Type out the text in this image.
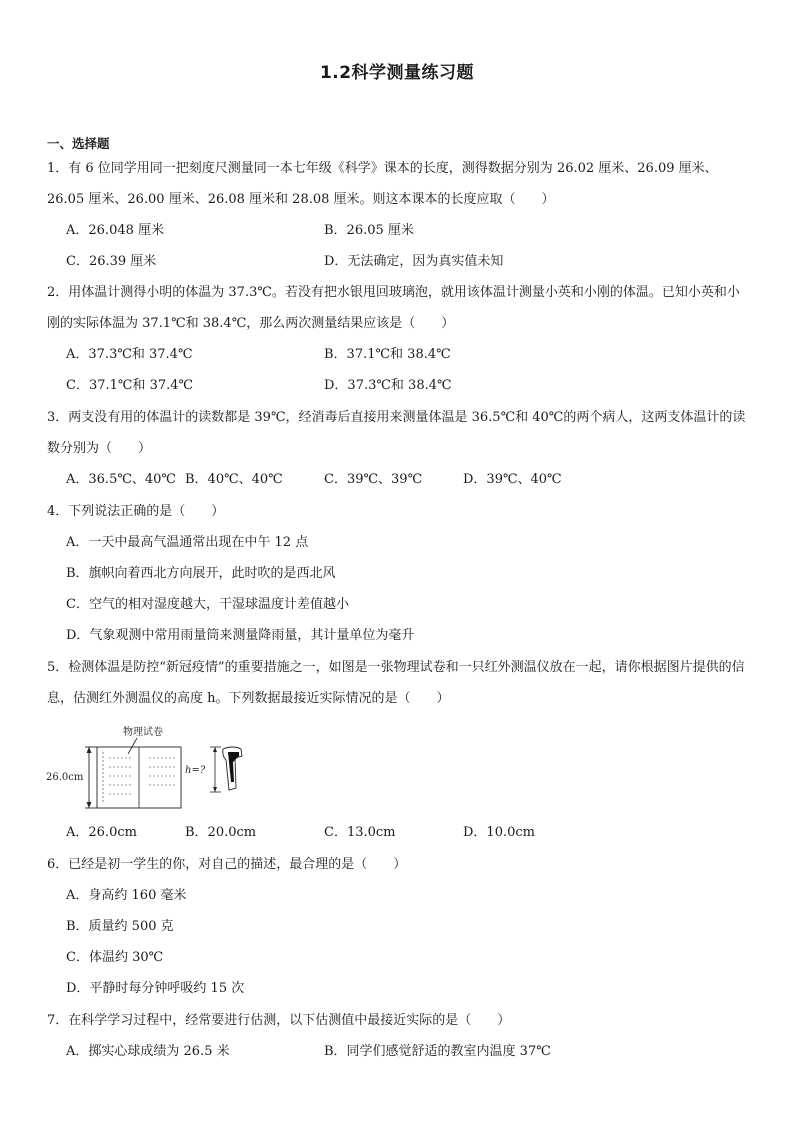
1.2科学测量练习题
一、选择题
1．有 6 位同学用同一把刻度尺测量同一本七年级《科学》课本的长度，测得数据分别为 26.02 厘米、26.09 厘米、26.05 厘米、26.00 厘米、26.08 厘米和 28.08 厘米。则这本课本的长度应取（　　）
A．26.048 厘米	B．26.05 厘米
C．26.39 厘米	D．无法确定，因为真实值未知
2．用体温计测得小明的体温为 37.3℃。若没有把水银甩回玻璃泡，就用该体温计测量小英和小刚的体温。已知小英和小刚的实际体温为 37.1℃和 38.4℃，那么两次测量结果应该是（　　）
A．37.3℃和 37.4℃	B．37.1℃和 38.4℃
C．37.1℃和 37.4℃	D．37.3℃和 38.4℃
3．两支没有用的体温计的读数都是 39℃，经消毒后直接用来测量体温是 36.5℃和 40℃的两个病人，这两支体温计的读数分别为（　　）
A．36.5℃、40℃ B．40℃、40℃	C．39℃、39℃	D．39℃、40℃
4．下列说法正确的是（　　）
A．一天中最高气温通常出现在中午 12 点
B．旗帜向着西北方向展开，此时吹的是西北风
C．空气的相对湿度越大，干湿球温度计差值越小
D．气象观测中常用雨量筒来测量降雨量，其计量单位为毫升
5．检测体温是防控“新冠疫情”的重要措施之一，如图是一张物理试卷和一只红外测温仪放在一起，请你根据图片提供的信息，估测红外测温仪的高度 h。下列数据最接近实际情况的是（　　）
物理试卷
26.0cm
h=?
A．26.0cm	B．20.0cm	C．13.0cm	D．10.0cm
6．已经是初一学生的你，对自己的描述，最合理的是（　　）
A．身高约 160 毫米
B．质量约 500 克
C．体温约 30℃
D．平静时每分钟呼吸约 15 次
7．在科学学习过程中，经常要进行估测，以下估测值中最接近实际的是（　　）
A．掷实心球成绩为 26.5 米	B．同学们感觉舒适的教室内温度 37℃
